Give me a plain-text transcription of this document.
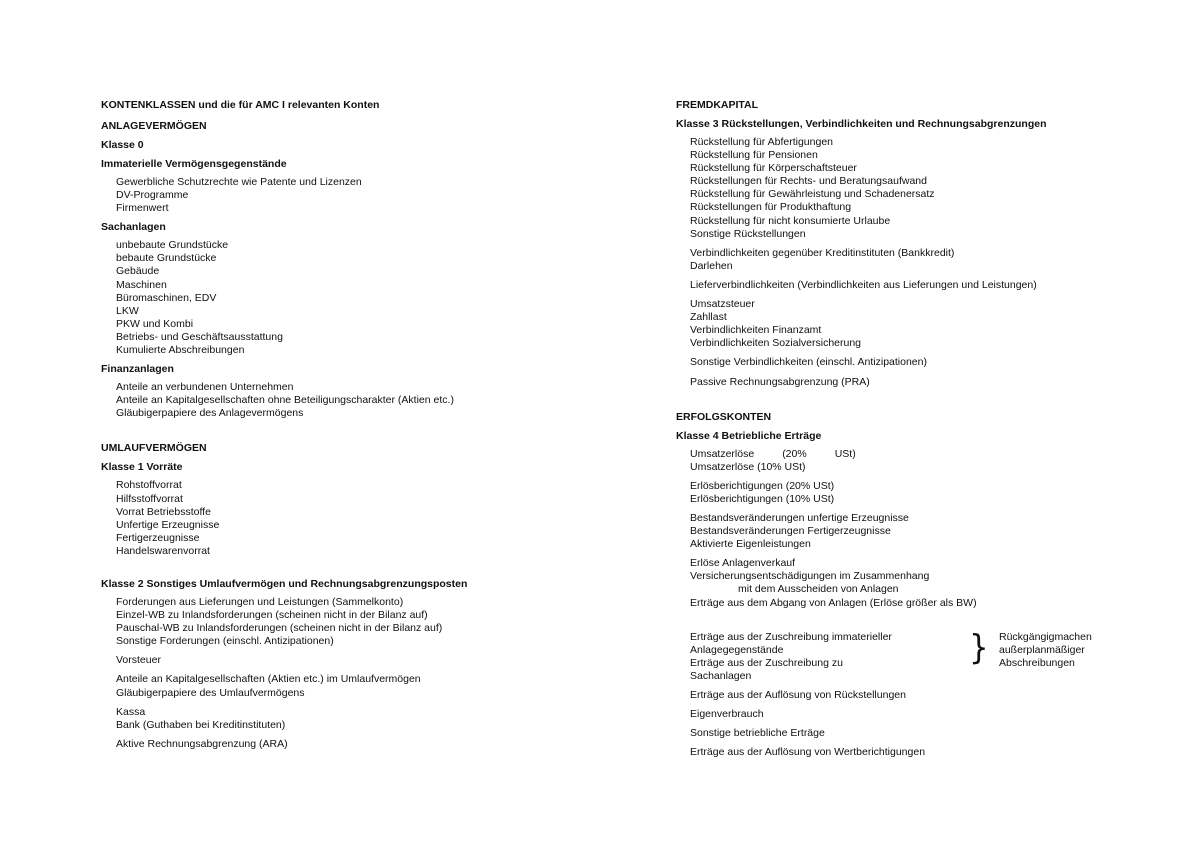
KONTENKLASSEN und die für AMC I relevanten Konten
ANLAGEVERMÖGEN
Klasse 0
Immaterielle Vermögensgegenstände
Gewerbliche Schutzrechte wie Patente und Lizenzen
DV-Programme
Firmenwert
Sachanlagen
unbebaute Grundstücke
bebaute Grundstücke
Gebäude
Maschinen
Büromaschinen, EDV
LKW
PKW und Kombi
Betriebs- und Geschäftsausstattung
Kumulierte Abschreibungen
Finanzanlagen
Anteile an verbundenen Unternehmen
Anteile an Kapitalgesellschaften ohne Beteiligungscharakter (Aktien etc.)
Gläubigerpapiere des Anlagevermögens
UMLAUFVERMÖGEN
Klasse 1 Vorräte
Rohstoffvorrat
Hilfsstoffvorrat
Vorrat Betriebsstoffe
Unfertige Erzeugnisse
Fertigerzeugnisse
Handelswarenvorrat
Klasse 2 Sonstiges Umlaufvermögen und Rechnungsabgrenzungsposten
Forderungen aus Lieferungen und Leistungen (Sammelkonto)
Einzel-WB zu Inlandsforderungen (scheinen nicht in der Bilanz auf)
Pauschal-WB zu Inlandsforderungen (scheinen nicht in der Bilanz auf)
Sonstige Forderungen (einschl. Antizipationen)
Vorsteuer
Anteile an Kapitalgesellschaften (Aktien etc.) im Umlaufvermögen
Gläubigerpapiere des Umlaufvermögens
Kassa
Bank (Guthaben bei Kreditinstituten)
Aktive Rechnungsabgrenzung (ARA)
FREMDKAPITAL
Klasse 3 Rückstellungen, Verbindlichkeiten und Rechnungsabgrenzungen
Rückstellung für Abfertigungen
Rückstellung für Pensionen
Rückstellung für Körperschaftsteuer
Rückstellungen für Rechts- und Beratungsaufwand
Rückstellung für Gewährleistung und Schadenersatz
Rückstellungen für Produkthaftung
Rückstellung für nicht konsumierte Urlaube
Sonstige Rückstellungen
Verbindlichkeiten gegenüber Kreditinstituten (Bankkredit)
Darlehen
Lieferverbindlichkeiten (Verbindlichkeiten aus Lieferungen und Leistungen)
Umsatzsteuer
Zahllast
Verbindlichkeiten Finanzamt
Verbindlichkeiten Sozialversicherung
Sonstige Verbindlichkeiten (einschl. Antizipationen)
Passive Rechnungsabgrenzung (PRA)
ERFOLGSKONTEN
Klasse 4 Betriebliche Erträge
Umsatzerlöse	(20%	USt)
Umsatzerlöse (10% USt)
Erlösberichtigungen (20% USt)
Erlösberichtigungen (10% USt)
Bestandsveränderungen unfertige Erzeugnisse
Bestandsveränderungen Fertigerzeugnisse
Aktivierte Eigenleistungen
Erlöse Anlagenverkauf
Versicherungsentschädigungen im Zusammenhang
mit dem Ausscheiden von Anlagen
Erträge aus dem Abgang von Anlagen (Erlöse größer als BW)
Erträge aus der Zuschreibung immaterieller
Anlagegegenstände
Erträge aus der Zuschreibung zu
Sachanlagen
} Rückgängigmachen
außerplanmäßiger
Abschreibungen
Erträge aus der Auflösung von Rückstellungen
Eigenverbrauch
Sonstige betriebliche Erträge
Erträge aus der Auflösung von Wertberichtigungen
